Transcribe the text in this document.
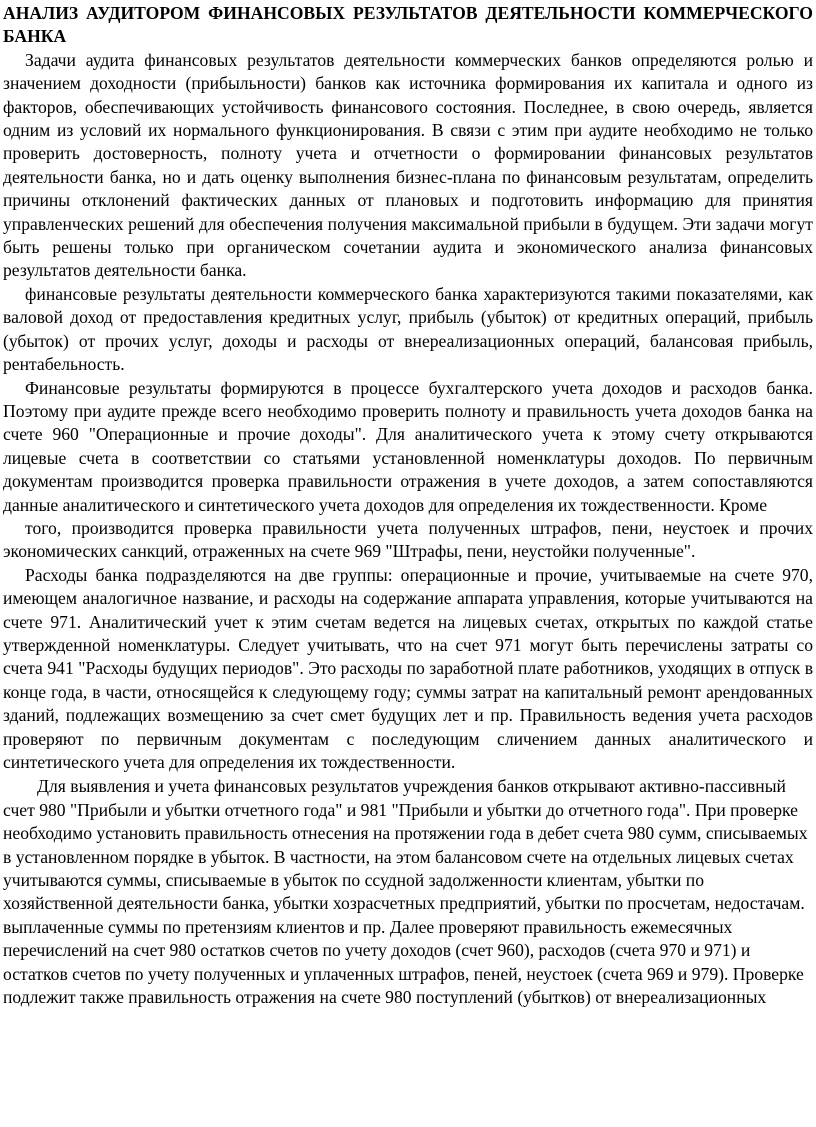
АНАЛИЗ АУДИТОРОМ ФИНАНСОВЫХ РЕЗУЛЬТАТОВ ДЕЯТЕЛЬНОСТИ КОММЕРЧЕСКОГО БАНКА

Задачи аудита финансовых результатов деятельности коммерческих банков определяются ролью и значением доходности (прибыльности) банков как источника формирования их капитала и одного из факторов, обеспечивающих устойчивость финансового состояния. Последнее, в свою очередь, является одним из условий их нормального функционирования. В связи с этим при аудите необходимо не только проверить достоверность, полноту учета и отчетности о формировании финансовых результатов деятельности банка, но и дать оценку выполнения бизнес-плана по финансовым результатам, определить причины отклонений фактических данных от плановых и подготовить информацию для принятия управленческих решений для обеспечения получения максимальной прибыли в будущем. Эти задачи могут быть решены только при органическом сочетании аудита и экономического анализа финансовых результатов деятельности банка.

финансовые результаты деятельности коммерческого банка характеризуются такими показателями, как валовой доход от предоставления кредитных услуг, прибыль (убыток) от кредитных операций, прибыль (убыток) от прочих услуг, доходы и расходы от внереализационных операций, балансовая прибыль, рентабельность.

Финансовые результаты формируются в процессе бухгалтерского учета доходов и расходов банка. Поэтому при аудите прежде всего необходимо проверить полноту и правильность учета доходов банка на счете 960 "Операционные и прочие доходы". Для аналитического учета к этому счету открываются лицевые счета в соответствии со статьями установленной номенклатуры доходов. По первичным документам производится проверка правильности отражения в учете доходов, а затем сопоставляются данные аналитического и синтетического учета доходов для определения их тождественности. Кроме

того, производится проверка правильности учета полученных штрафов, пени, неустоек и прочих экономических санкций, отраженных на счете 969 "Штрафы, пени, неустойки полученные".

Расходы банка подразделяются на две группы: операционные и прочие, учитываемые на счете 970, имеющем аналогичное название, и расходы на содержание аппарата управления, которые учитываются на счете 971. Аналитический учет к этим счетам ведется на лицевых счетах, открытых по каждой статье утвержденной номенклатуры. Следует учитывать, что на счет 971 могут быть перечислены затраты со счета 941 "Расходы будущих периодов". Это расходы по заработной плате работников, уходящих в отпуск в конце года, в части, относящейся к следующему году; суммы затрат на капитальный ремонт арендованных зданий, подлежащих возмещению за счет смет будущих лет и пр. Правильность ведения учета расходов проверяют по первичным документам с последующим сличением данных аналитического и синтетического учета для определения их тождественности.

Для выявления и учета финансовых результатов учреждения банков открывают активно-пассивный счет 980 "Прибыли и убытки отчетного года" и 981 "Прибыли и убытки до отчетного года". При проверке необходимо установить правильность отнесения на протяжении года в дебет счета 980 сумм, списываемых в установленном порядке в убыток. В частности, на этом балансовом счете на отдельных лицевых счетах учитываются суммы, списываемые в убыток по ссудной задолженности клиентам, убытки по хозяйственной деятельности банка, убытки хозрасчетных предприятий, убытки по просчетам, недостачам. выплаченные суммы по претензиям клиентов и пр. Далее проверяют правильность ежемесячных перечислений на счет 980 остатков счетов по учету доходов (счет 960), расходов (счета 970 и 971) и остатков счетов по учету полученных и уплаченных штрафов, пеней, неустоек (счета 969 и 979). Проверке подлежит также правильность отражения на счете 980 поступлений (убытков) от внереализационных
